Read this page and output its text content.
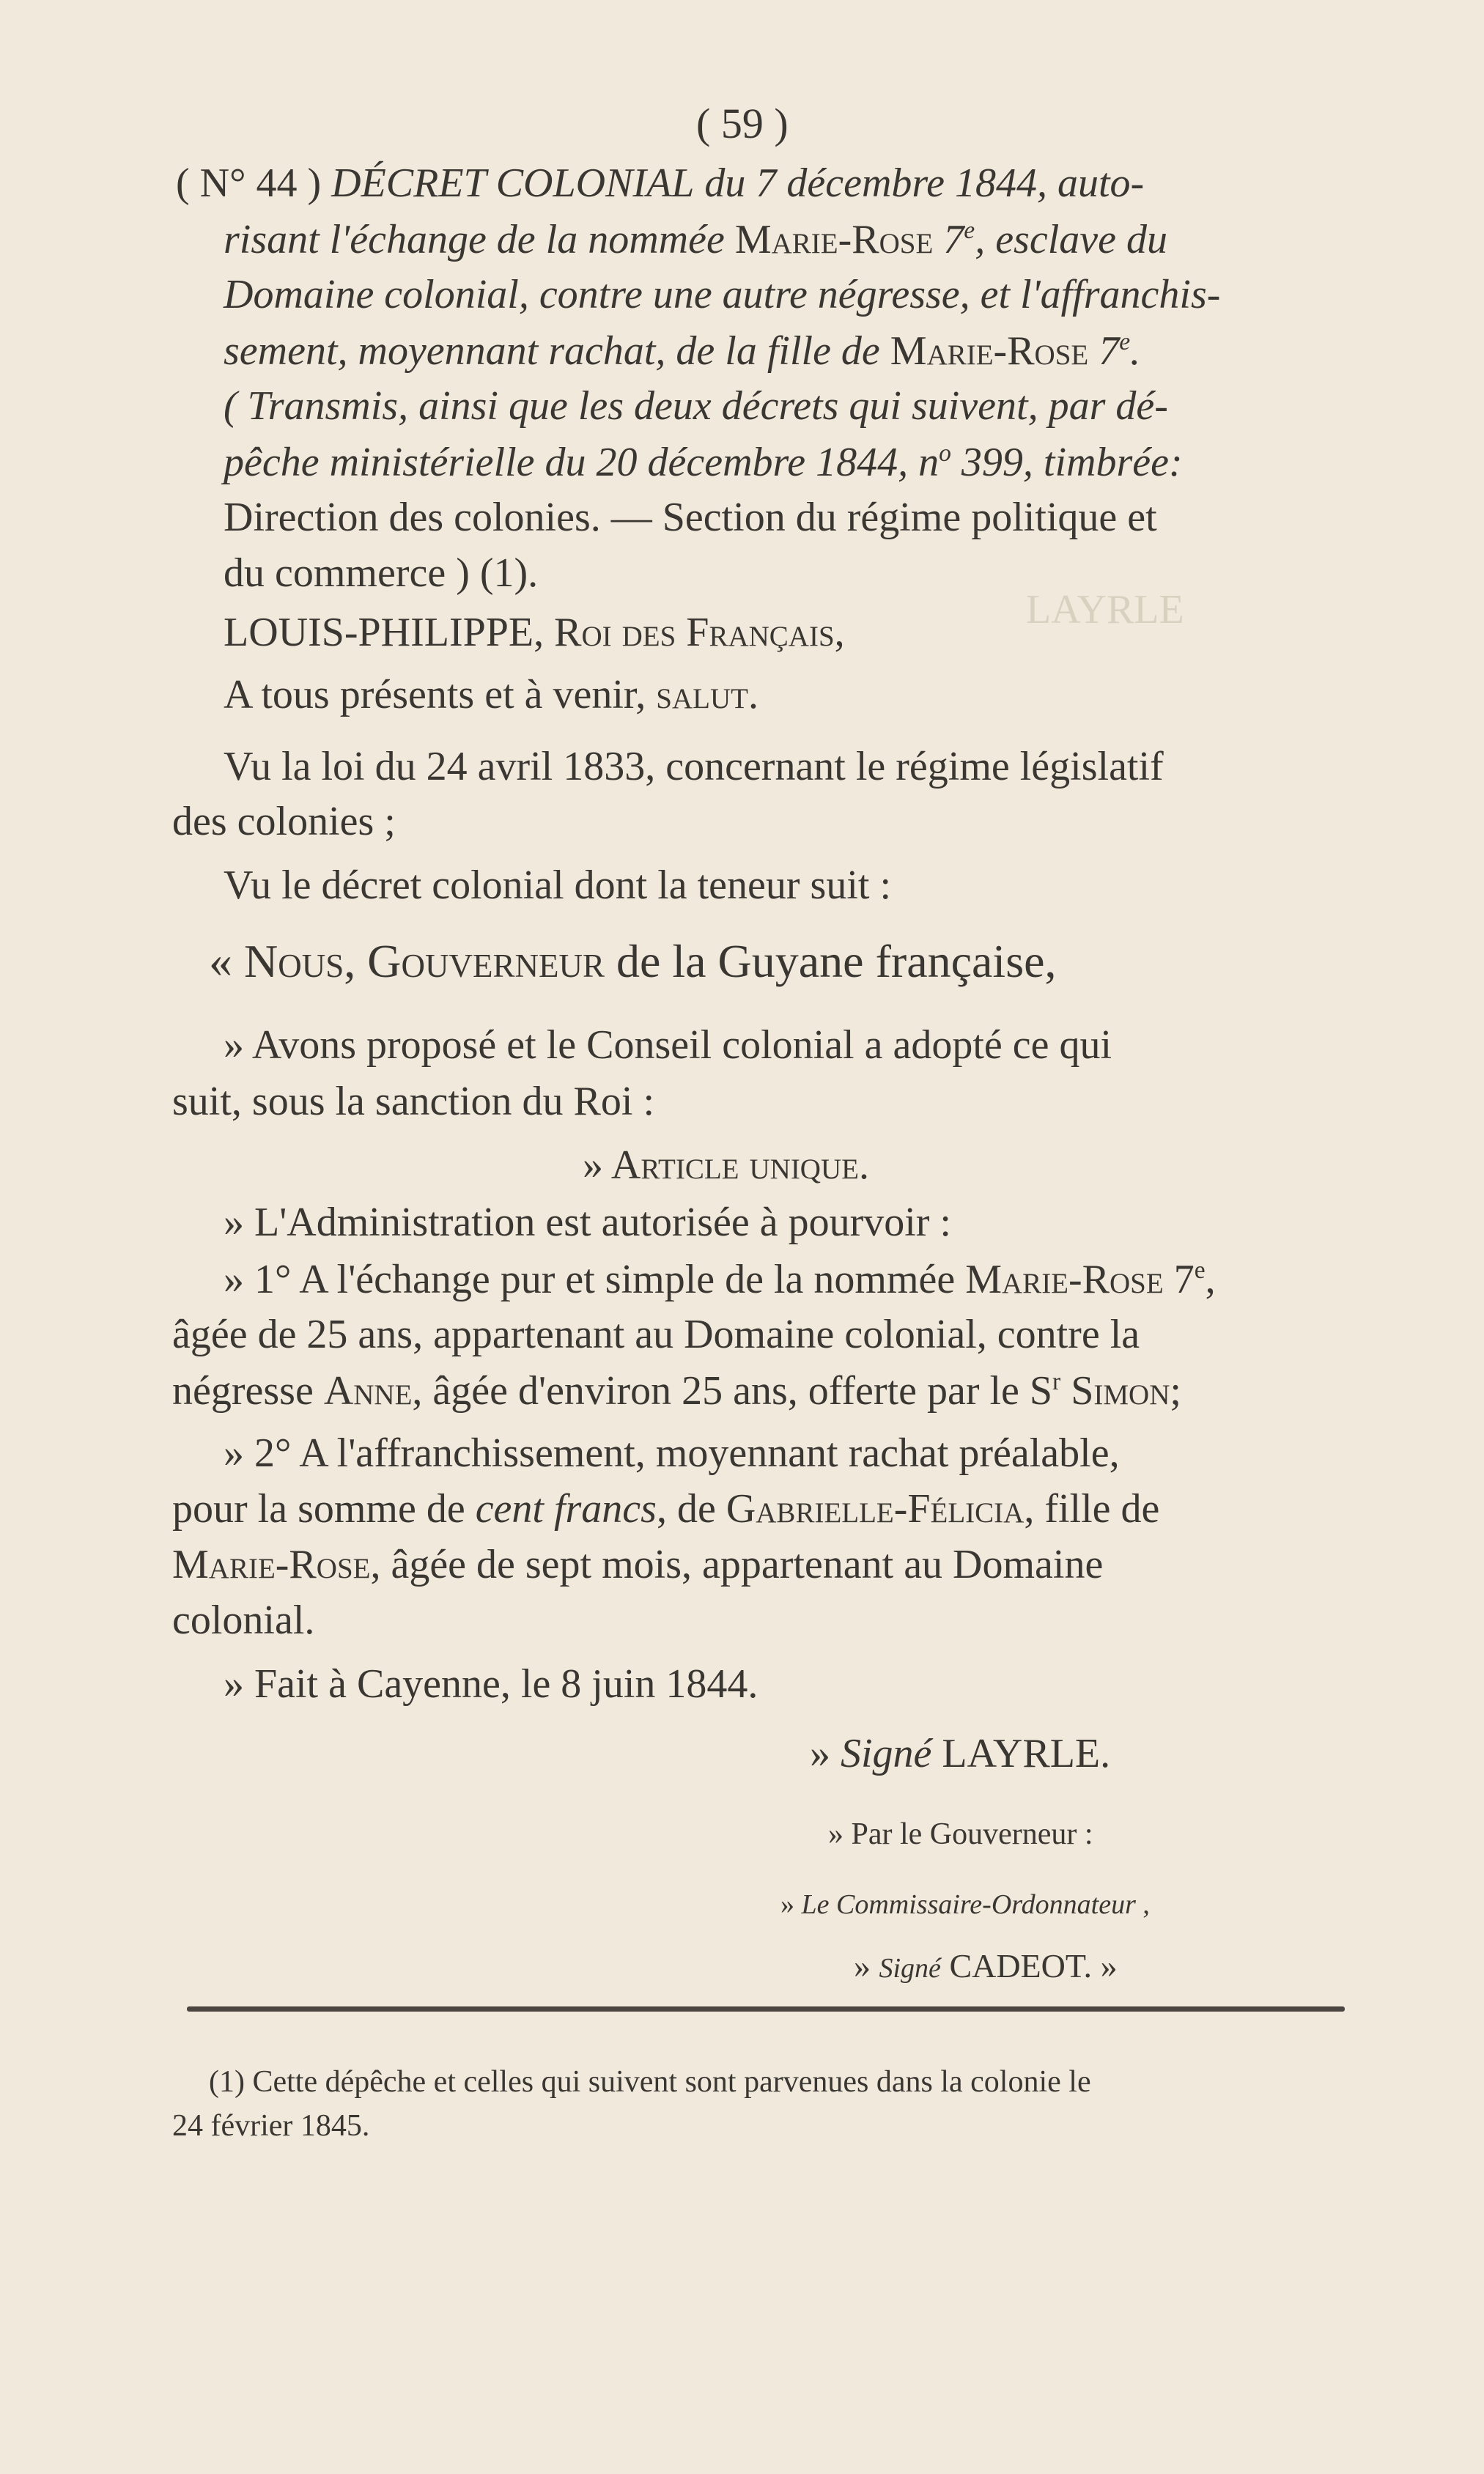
LAYRLE
( 59 )
( N° 44 ) DÉCRET COLONIAL du 7 décembre 1844, auto-
risant l'échange de la nommée Marie-Rose 7e, esclave du
Domaine colonial, contre une autre négresse, et l'affranchis-
sement, moyennant rachat, de la fille de Marie-Rose 7e.
( Transmis, ainsi que les deux décrets qui suivent, par dé-
pêche ministérielle du 20 décembre 1844, $n^o$ 399, timbrée:
Direction des colonies. — Section du régime politique et
du commerce ) (1).
LOUIS-PHILIPPE, Roi des Français,
A tous présents et à venir, salut.
Vu la loi du 24 avril 1833, concernant le régime législatif
des colonies ;
Vu le décret colonial dont la teneur suit :
« Nous, Gouverneur de la Guyane française,
» Avons proposé et le Conseil colonial a adopté ce qui
suit, sous la sanction du Roi :
» Article unique.
» L'Administration est autorisée à pourvoir :
» 1° A l'échange pur et simple de la nommée Marie-Rose 7e,
âgée de 25 ans, appartenant au Domaine colonial, contre la
négresse Anne, âgée d'environ 25 ans, offerte par le $S^r$ Simon;
» 2° A l'affranchissement, moyennant rachat préalable,
pour la somme de cent francs, de Gabrielle-Félicia, fille de
Marie-Rose, âgée de sept mois, appartenant au Domaine
colonial.
» Fait à Cayenne, le 8 juin 1844.
» Signé LAYRLE.
» Par le Gouverneur :
» Le Commissaire-Ordonnateur ,
» Signé CADEOT. »
(1) Cette dépêche et celles qui suivent sont parvenues dans la colonie le
24 février 1845.
